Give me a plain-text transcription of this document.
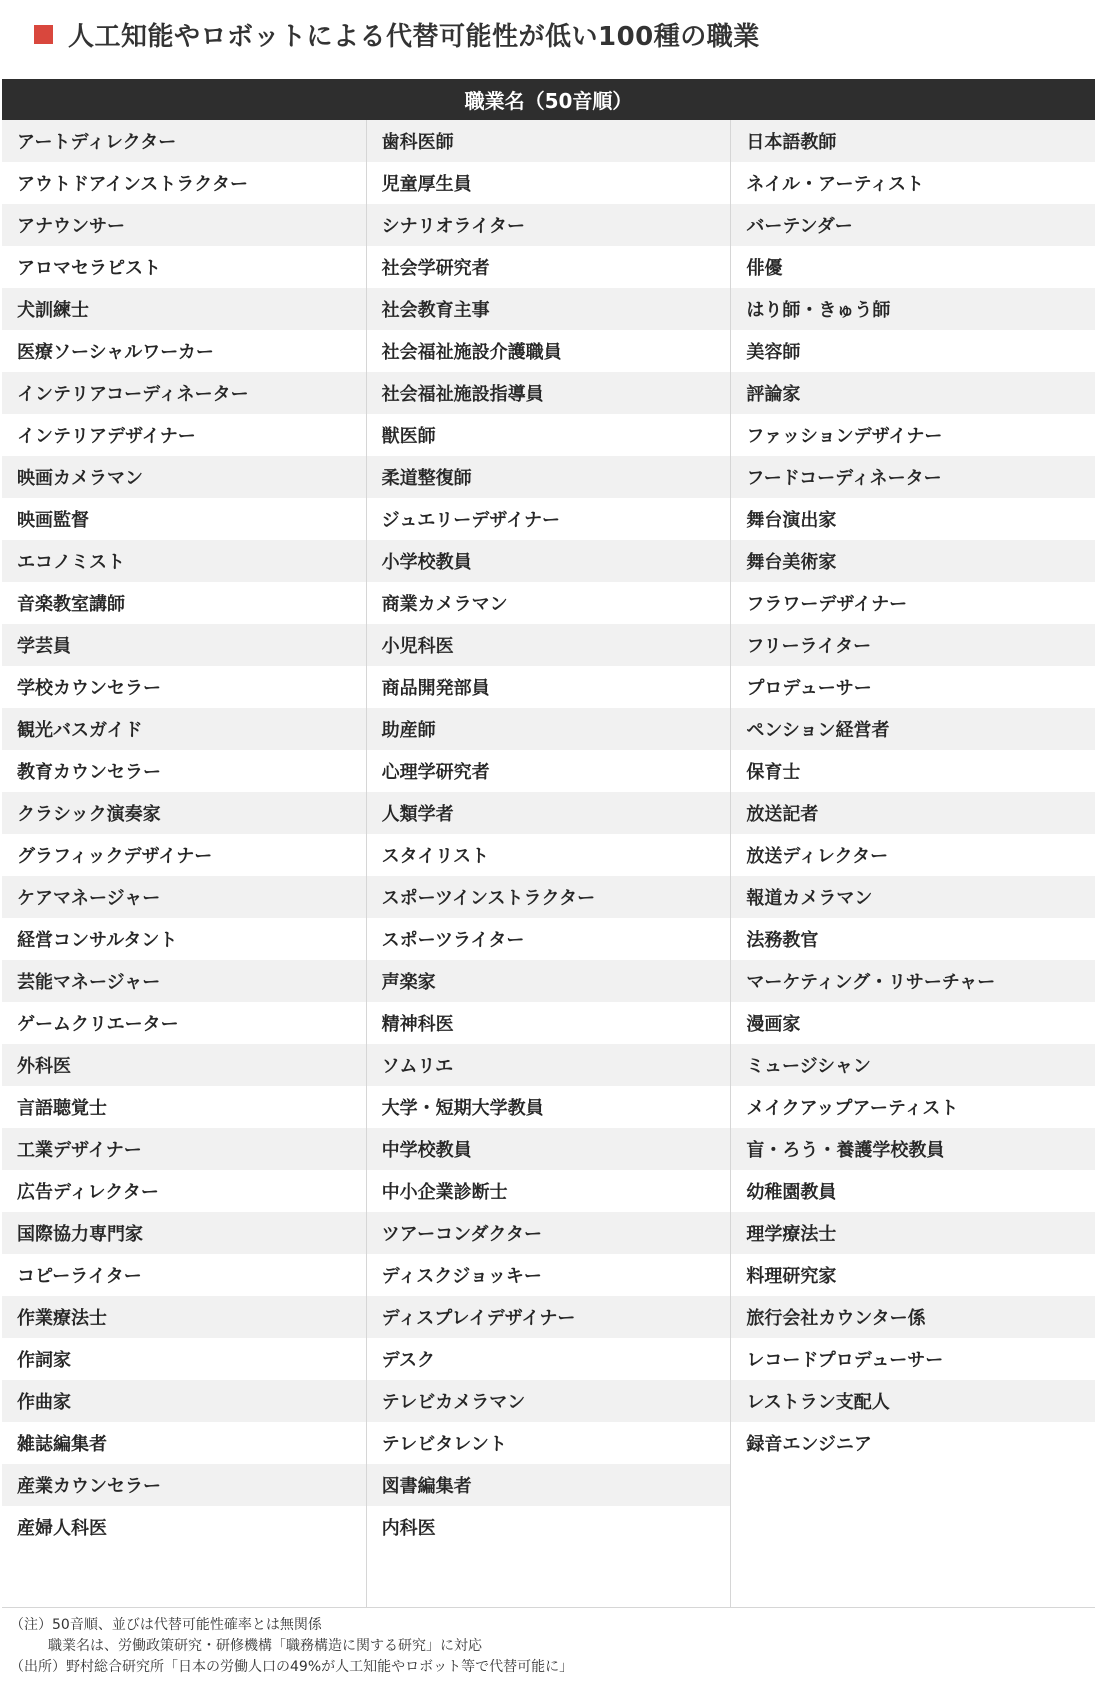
人工知能やロボットによる代替可能性が低い100種の職業
職業名（50音順）
アートディレクター
アウトドアインストラクター
アナウンサー
アロマセラピスト
犬訓練士
医療ソーシャルワーカー
インテリアコーディネーター
インテリアデザイナー
映画カメラマン
映画監督
エコノミスト
音楽教室講師
学芸員
学校カウンセラー
観光バスガイド
教育カウンセラー
クラシック演奏家
グラフィックデザイナー
ケアマネージャー
経営コンサルタント
芸能マネージャー
ゲームクリエーター
外科医
言語聴覚士
工業デザイナー
広告ディレクター
国際協力専門家
コピーライター
作業療法士
作詞家
作曲家
雑誌編集者
産業カウンセラー
産婦人科医
歯科医師
児童厚生員
シナリオライター
社会学研究者
社会教育主事
社会福祉施設介護職員
社会福祉施設指導員
獣医師
柔道整復師
ジュエリーデザイナー
小学校教員
商業カメラマン
小児科医
商品開発部員
助産師
心理学研究者
人類学者
スタイリスト
スポーツインストラクター
スポーツライター
声楽家
精神科医
ソムリエ
大学・短期大学教員
中学校教員
中小企業診断士
ツアーコンダクター
ディスクジョッキー
ディスプレイデザイナー
デスク
テレビカメラマン
テレビタレント
図書編集者
内科医
日本語教師
ネイル・アーティスト
バーテンダー
俳優
はり師・きゅう師
美容師
評論家
ファッションデザイナー
フードコーディネーター
舞台演出家
舞台美術家
フラワーデザイナー
フリーライター
プロデューサー
ペンション経営者
保育士
放送記者
放送ディレクター
報道カメラマン
法務教官
マーケティング・リサーチャー
漫画家
ミュージシャン
メイクアップアーティスト
盲・ろう・養護学校教員
幼稚園教員
理学療法士
料理研究家
旅行会社カウンター係
レコードプロデューサー
レストラン支配人
録音エンジニア
（注）50音順、並びは代替可能性確率とは無関係
職業名は、労働政策研究・研修機構「職務構造に関する研究」に対応
（出所）野村総合研究所「日本の労働人口の49%が人工知能やロボット等で代替可能に」
